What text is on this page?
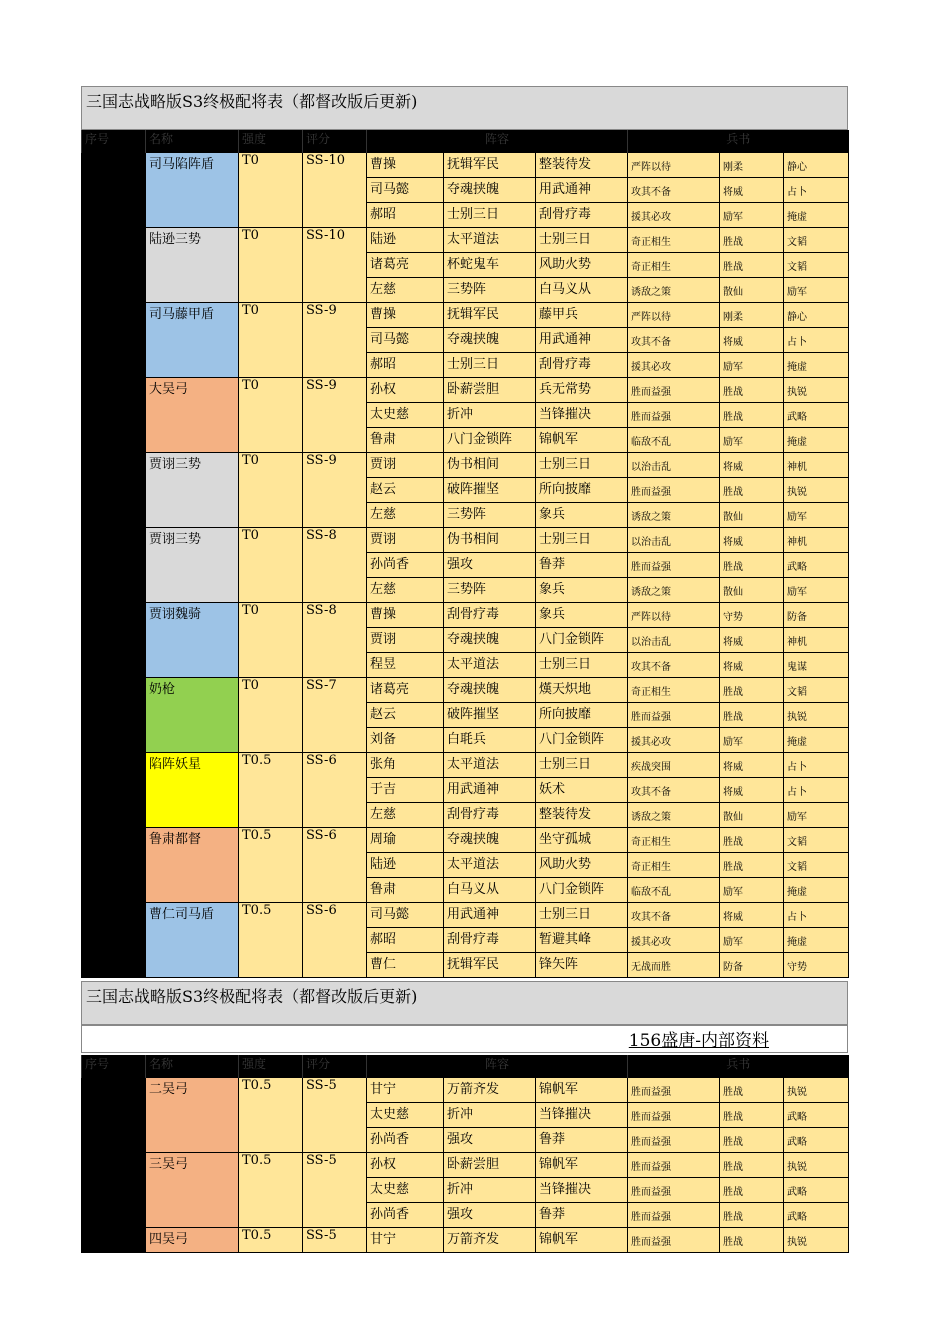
三国志战略版S3终极配将表（都督改版后更新)
序号	名称	强度	评分	阵容			兵书		
	司马陷阵盾	T0	SS-10	曹操	抚辑军民	整装待发	严阵以待	刚柔	静心
				司马懿	夺魂挟魄	用武通神	攻其不备	将威	占卜
				郝昭	士别三日	刮骨疗毒	援其必攻	励军	掩虚
	陆逊三势	T0	SS-10	陆逊	太平道法	士别三日	奇正相生	胜战	文韬
				诸葛亮	杯蛇鬼车	风助火势	奇正相生	胜战	文韬
				左慈	三势阵	白马义从	诱敌之策	散仙	励军
	司马藤甲盾	T0	SS-9	曹操	抚辑军民	藤甲兵	严阵以待	刚柔	静心
				司马懿	夺魂挟魄	用武通神	攻其不备	将威	占卜
				郝昭	士别三日	刮骨疗毒	援其必攻	励军	掩虚
	大吴弓	T0	SS-9	孙权	卧薪尝胆	兵无常势	胜而益强	胜战	执锐
				太史慈	折冲	当锋摧决	胜而益强	胜战	武略
				鲁肃	八门金锁阵	锦帆军	临敌不乱	励军	掩虚
	贾诩三势	T0	SS-9	贾诩	伪书相间	士别三日	以治击乱	将威	神机
				赵云	破阵摧坚	所向披靡	胜而益强	胜战	执锐
				左慈	三势阵	象兵	诱敌之策	散仙	励军
	贾诩三势	T0	SS-8	贾诩	伪书相间	士别三日	以治击乱	将威	神机
				孙尚香	强攻	鲁莽	胜而益强	胜战	武略
				左慈	三势阵	象兵	诱敌之策	散仙	励军
	贾诩魏骑	T0	SS-8	曹操	刮骨疗毒	象兵	严阵以待	守势	防备
				贾诩	夺魂挟魄	八门金锁阵	以治击乱	将威	神机
				程昱	太平道法	士别三日	攻其不备	将威	鬼谋
	奶枪	T0	SS-7	诸葛亮	夺魂挟魄	熯天炽地	奇正相生	胜战	文韬
				赵云	破阵摧坚	所向披靡	胜而益强	胜战	执锐
				刘备	白毦兵	八门金锁阵	援其必攻	励军	掩虚
	陷阵妖星	T0.5	SS-6	张角	太平道法	士别三日	疾战突围	将威	占卜
				于吉	用武通神	妖术	攻其不备	将威	占卜
				左慈	刮骨疗毒	整装待发	诱敌之策	散仙	励军
	鲁肃都督	T0.5	SS-6	周瑜	夺魂挟魄	坐守孤城	奇正相生	胜战	文韬
				陆逊	太平道法	风助火势	奇正相生	胜战	文韬
				鲁肃	白马义从	八门金锁阵	临敌不乱	励军	掩虚
	曹仁司马盾	T0.5	SS-6	司马懿	用武通神	士别三日	攻其不备	将威	占卜
				郝昭	刮骨疗毒	暂避其峰	援其必攻	励军	掩虚
				曹仁	抚辑军民	锋矢阵	无战而胜	防备	守势
三国志战略版S3终极配将表（都督改版后更新)
156盛唐-内部资料
序号	名称	强度	评分	阵容			兵书		
	二吴弓	T0.5	SS-5	甘宁	万箭齐发	锦帆军	胜而益强	胜战	执锐
				太史慈	折冲	当锋摧决	胜而益强	胜战	武略
				孙尚香	强攻	鲁莽	胜而益强	胜战	武略
	三吴弓	T0.5	SS-5	孙权	卧薪尝胆	锦帆军	胜而益强	胜战	执锐
				太史慈	折冲	当锋摧决	胜而益强	胜战	武略
				孙尚香	强攻	鲁莽	胜而益强	胜战	武略
	四吴弓	T0.5	SS-5	甘宁	万箭齐发	锦帆军	胜而益强	胜战	执锐
